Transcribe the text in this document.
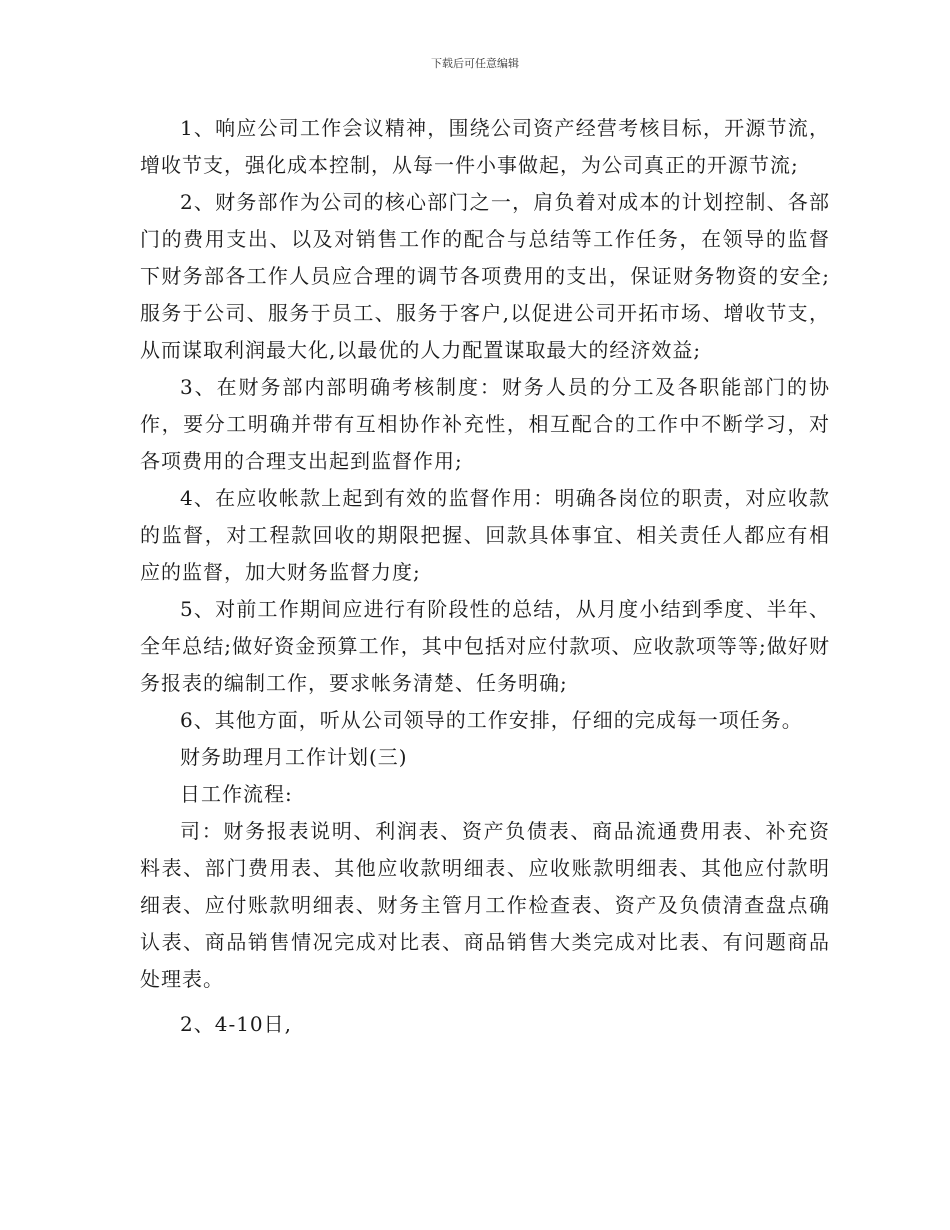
下载后可任意编辑

1、响应公司工作会议精神，围绕公司资产经营考核目标，开源节流，增收节支，强化成本控制，从每一件小事做起，为公司真正的开源节流;

2、财务部作为公司的核心部门之一，肩负着对成本的计划控制、各部门的费用支出、以及对销售工作的配合与总结等工作任务，在领导的监督下财务部各工作人员应合理的调节各项费用的支出，保证财务物资的安全;服务于公司、服务于员工、服务于客户,以促进公司开拓市场、增收节支，从而谋取利润最大化,以最优的人力配置谋取最大的经济效益;

3、在财务部内部明确考核制度：财务人员的分工及各职能部门的协作，要分工明确并带有互相协作补充性，相互配合的工作中不断学习，对各项费用的合理支出起到监督作用;

4、在应收帐款上起到有效的监督作用：明确各岗位的职责，对应收款的监督，对工程款回收的期限把握、回款具体事宜、相关责任人都应有相应的监督，加大财务监督力度;

5、对前工作期间应进行有阶段性的总结，从月度小结到季度、半年、全年总结;做好资金预算工作，其中包括对应付款项、应收款项等等;做好财务报表的编制工作，要求帐务清楚、任务明确;

6、其他方面，听从公司领导的工作安排，仔细的完成每一项任务。

财务助理月工作计划(三)

日工作流程:

司：财务报表说明、利润表、资产负债表、商品流通费用表、补充资料表、部门费用表、其他应收款明细表、应收账款明细表、其他应付款明细表、应付账款明细表、财务主管月工作检查表、资产及负债清查盘点确认表、商品销售情况完成对比表、商品销售大类完成对比表、有问题商品处理表。

2、4-10日,
